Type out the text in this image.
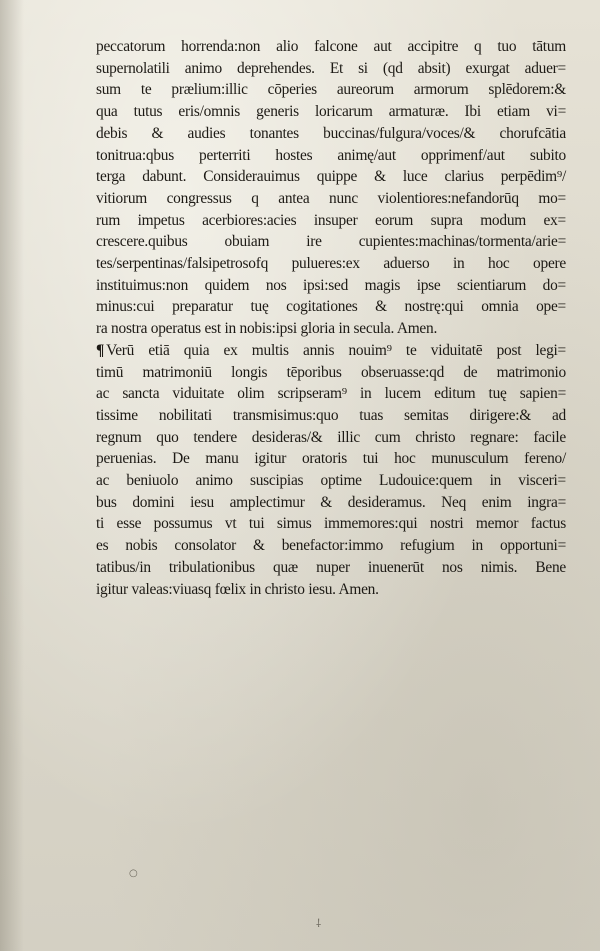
peccatorum horrenda:non alio falcone aut accipitre q tuo tātum
supernolatili animo deprehendes. Et si (qd absit) exurgat aduer=
sum te prælium:illic cōperies aureorum armorum splēdorem:&
qua tutus eris/omnis generis loricarum armaturæ. Ibi etiam vi=
debis & audies tonantes buccinas/fulgura/voces/& chorufcātia
tonitrua:qbus perterriti hostes animę/aut opprimenf/aut subito
terga dabunt. Considerauimus quippe & luce clarius perpēdim⁹/
vitiorum congressus q antea nunc violentiores:nefandorūq mo=
rum impetus acerbiores:acies insuper eorum supra modum ex=
crescere.quibus obuiam ire cupientes:machinas/tormenta/arie=
tes/serpentinas/falsipetrosofq pulueres:ex aduerso in hoc opere
instituimus:non quidem nos ipsi:sed magis ipse scientiarum do=
minus:cui preparatur tuę cogitationes & nostrę:qui omnia ope=
ra nostra operatus est in nobis:ipsi gloria in secula. Amen.
¶ Verū etiā quia ex multis annis nouim⁹ te viduitatē post legi=
timū matrimoniū longis tēporibus obseruasse:qd de matrimonio
ac sancta viduitate olim scripseram⁹ in lucem editum tuę sapien=
tissime nobilitati transmisimus:quo tuas semitas dirigere:& ad
regnum quo tendere desideras/& illic cum christo regnare: facile
peruenias. De manu igitur oratoris tui hoc munusculum fereno/
ac beniuolo animo suscipias optime Ludouice:quem in visceri=
bus domini iesu amplectimur & desideramus. Neq enim ingra=
ti esse possumus vt tui simus immemores:qui nostri memor factus
es nobis consolator & benefactor:immo refugium in opportuni=
tatibus/in tribulationibus quæ nuper inuenerūt nos nimis. Bene
igitur valeas:viuasq fœlix in christo iesu. Amen.
○
⸸
